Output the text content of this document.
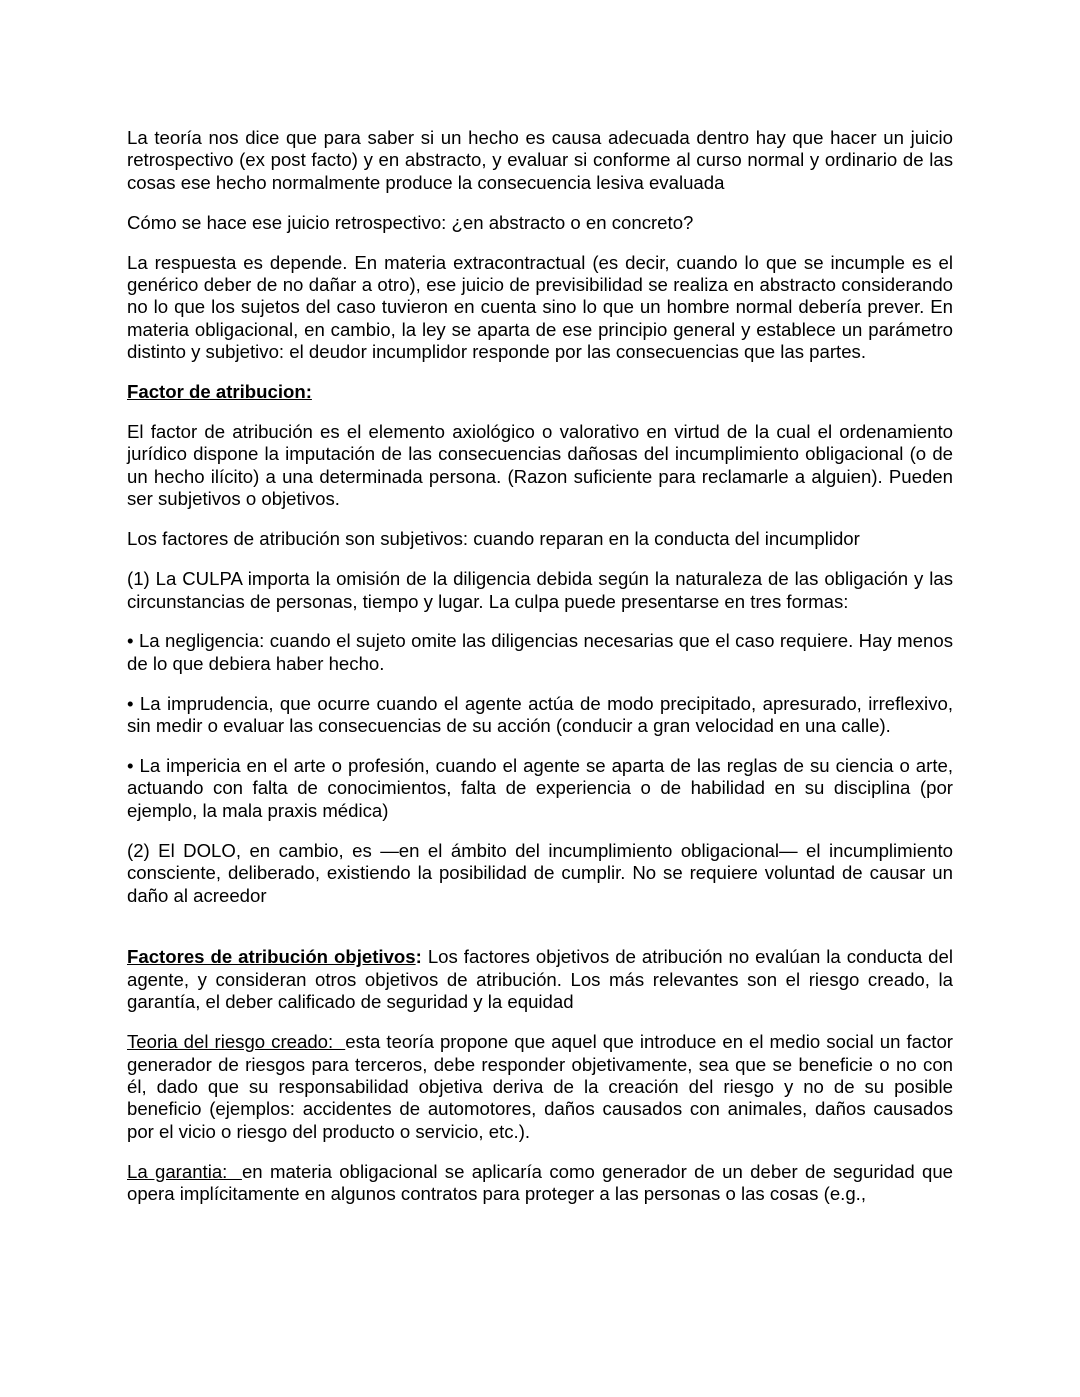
La teoría nos dice que para saber si un hecho es causa adecuada dentro hay que hacer un juicio retrospectivo (ex post facto) y en abstracto, y evaluar si conforme al curso normal y ordinario de las cosas ese hecho normalmente produce la consecuencia lesiva evaluada

Cómo se hace ese juicio retrospectivo: ¿en abstracto o en concreto?

La respuesta es depende. En materia extracontractual (es decir, cuando lo que se incumple es el genérico deber de no dañar a otro), ese juicio de previsibilidad se realiza en abstracto considerando no lo que los sujetos del caso tuvieron en cuenta sino lo que un hombre normal debería prever. En materia obligacional, en cambio, la ley se aparta de ese principio general y establece un parámetro distinto y subjetivo: el deudor incumplidor responde por las consecuencias que las partes.

Factor de atribucion:

El factor de atribución es el elemento axiológico o valorativo en virtud de la cual el ordenamiento jurídico dispone la imputación de las consecuencias dañosas del incumplimiento obligacional (o de un hecho ilícito) a una determinada persona. (Razon suficiente para reclamarle a alguien). Pueden ser subjetivos o objetivos.

Los factores de atribución son subjetivos: cuando reparan en la conducta del incumplidor

(1) La CULPA importa la omisión de la diligencia debida según la naturaleza de las obligación y las circunstancias de personas, tiempo y lugar. La culpa puede presentarse en tres formas:

• La negligencia: cuando el sujeto omite las diligencias necesarias que el caso requiere. Hay menos de lo que debiera haber hecho.

• La imprudencia, que ocurre cuando el agente actúa de modo precipitado, apresurado, irreflexivo, sin medir o evaluar las consecuencias de su acción (conducir a gran velocidad en una calle).

• La impericia en el arte o profesión, cuando el agente se aparta de las reglas de su ciencia o arte, actuando con falta de conocimientos, falta de experiencia o de habilidad en su disciplina (por ejemplo, la mala praxis médica)

(2) El DOLO, en cambio, es —en el ámbito del incumplimiento obligacional— el incumplimiento consciente, deliberado, existiendo la posibilidad de cumplir. No se requiere voluntad de causar un daño al acreedor

Factores de atribución objetivos: Los factores objetivos de atribución no evalúan la conducta del agente, y consideran otros objetivos de atribución. Los más relevantes son el riesgo creado, la garantía, el deber calificado de seguridad y la equidad

Teoria del riesgo creado:  esta teoría propone que aquel que introduce en el medio social un factor generador de riesgos para terceros, debe responder objetivamente, sea que se beneficie o no con él, dado que su responsabilidad objetiva deriva de la creación del riesgo y no de su posible beneficio (ejemplos: accidentes de automotores, daños causados con animales, daños causados por el vicio o riesgo del producto o servicio, etc.).

La garantia:  en materia obligacional se aplicaría como generador de un deber de seguridad que opera implícitamente en algunos contratos para proteger a las personas o las cosas (e.g.,
